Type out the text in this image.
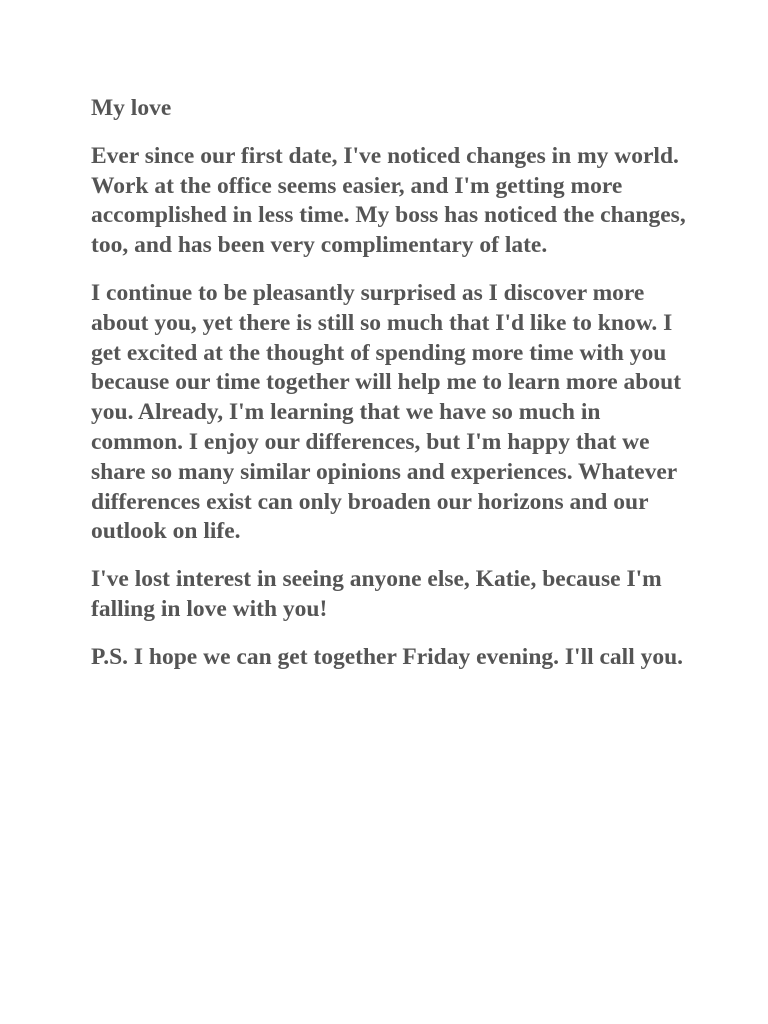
My love

Ever since our first date, I've noticed changes in my world. Work at the office seems easier, and I'm getting more accomplished in less time. My boss has noticed the changes, too, and has been very complimentary of late.

I continue to be pleasantly surprised as I discover more about you, yet there is still so much that I'd like to know. I get excited at the thought of spending more time with you because our time together will help me to learn more about you. Already, I'm learning that we have so much in common. I enjoy our differences, but I'm happy that we share so many similar opinions and experiences. Whatever differences exist can only broaden our horizons and our outlook on life.

I've lost interest in seeing anyone else, Katie, because I'm falling in love with you!

P.S. I hope we can get together Friday evening. I'll call you.
